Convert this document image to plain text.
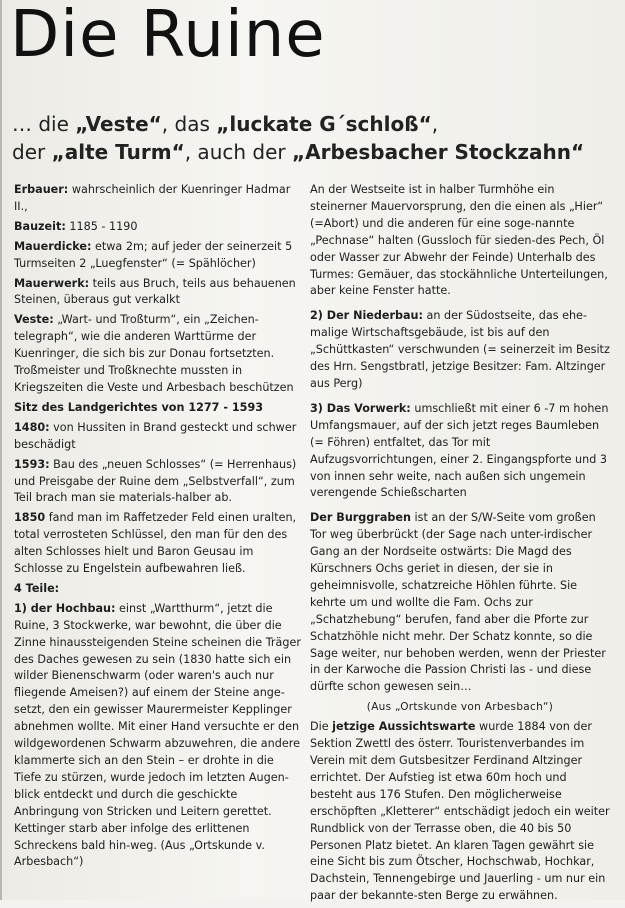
Die Ruine
… die „Veste“, das „luckate G´schloß“,
der „alte Turm“, auch der „Arbesbacher Stockzahn“

Erbauer: wahrscheinlich der Kuenringer Hadmar II.,

Bauzeit: 1185 - 1190

Mauerdicke: etwa 2m; auf jeder der seinerzeit 5 Turmseiten 2 „Luegfenster“ (= Spählöcher)

Mauerwerk: teils aus Bruch, teils aus behauenen Steinen, überaus gut verkalkt

Veste: „Wart- und Troßturm“, ein „Zeichen-telegraph“, wie die anderen Warttürme der Kuenringer, die sich bis zur Donau fortsetzten. Troßmeister und Troßknechte mussten in Kriegszeiten die Veste und Arbesbach beschützen

Sitz des Landgerichtes von 1277 - 1593

1480: von Hussiten in Brand gesteckt und schwer beschädigt

1593: Bau des „neuen Schlosses“ (= Herrenhaus) und Preisgabe der Ruine dem „Selbstverfall“, zum Teil brach man sie materials-halber ab.

1850 fand man im Raffetzeder Feld einen uralten, total verrosteten Schlüssel, den man für den des alten Schlosses hielt und Baron Geusau im Schlosse zu Engelstein aufbewahren ließ.

4 Teile:

1) der Hochbau: einst „Wartthurm“, jetzt die Ruine, 3 Stockwerke, war bewohnt, die über die Zinne hinaussteigenden Steine scheinen die Träger des Daches gewesen zu sein (1830 hatte sich ein wilder Bienenschwarm (oder waren's auch nur fliegende Ameisen?) auf einem der Steine ange-setzt, den ein gewisser Maurermeister Kepplinger abnehmen wollte. Mit einer Hand versuchte er den wildgewordenen Schwarm abzuwehren, die andere klammerte sich an den Stein – er drohte in die Tiefe zu stürzen, wurde jedoch im letzten Augen-blick entdeckt und durch die geschickte Anbringung von Stricken und Leitern gerettet. Kettinger starb aber infolge des erlittenen Schreckens bald hin-weg. (Aus „Ortskunde v. Arbesbach“)

An der Westseite ist in halber Turmhöhe ein steinerner Mauervorsprung, den die einen als „Hier“ (=Abort) und die anderen für eine soge-nannte „Pechnase“ halten (Gussloch für sieden-des Pech, Öl oder Wasser zur Abwehr der Feinde) Unterhalb des Turmes: Gemäuer, das stockähnliche Unterteilungen, aber keine Fenster hatte.

2) Der Niederbau: an der Südostseite, das ehe-malige Wirtschaftsgebäude, ist bis auf den „Schüttkasten“ verschwunden (= seinerzeit im Besitz des Hrn. Sengstbratl, jetzige Besitzer: Fam. Altzinger aus Perg)

3) Das Vorwerk: umschließt mit einer 6 -7 m hohen Umfangsmauer, auf der sich jetzt reges Baumleben (= Föhren) entfaltet, das Tor mit Aufzugsvorrichtungen, einer 2. Eingangspforte und 3 von innen sehr weite, nach außen sich ungemein verengende Schießscharten

Der Burggraben ist an der S/W-Seite vom großen Tor weg überbrückt (der Sage nach unter-irdischer Gang an der Nordseite ostwärts: Die Magd des Kürschners Ochs geriet in diesen, der sie in geheimnisvolle, schatzreiche Höhlen führte. Sie kehrte um und wollte die Fam. Ochs zur „Schatzhebung“ berufen, fand aber die Pforte zur Schatzhöhle nicht mehr. Der Schatz konnte, so die Sage weiter, nur behoben werden, wenn der Priester in der Karwoche die Passion Christi las - und diese dürfte schon gewesen sein…

(Aus „Ortskunde von Arbesbach“)

Die jetzige Aussichtswarte wurde 1884 von der Sektion Zwettl des österr. Touristenverbandes im Verein mit dem Gutsbesitzer Ferdinand Altzinger errichtet. Der Aufstieg ist etwa 60m hoch und besteht aus 176 Stufen. Den möglicherweise erschöpften „Kletterer“ entschädigt jedoch ein weiter Rundblick von der Terrasse oben, die 40 bis 50 Personen Platz bietet. An klaren Tagen gewährt sie eine Sicht bis zum Ötscher, Hochschwab, Hochkar, Dachstein, Tennengebirge und Jauerling - um nur ein paar der bekannte-sten Berge zu erwähnen.
